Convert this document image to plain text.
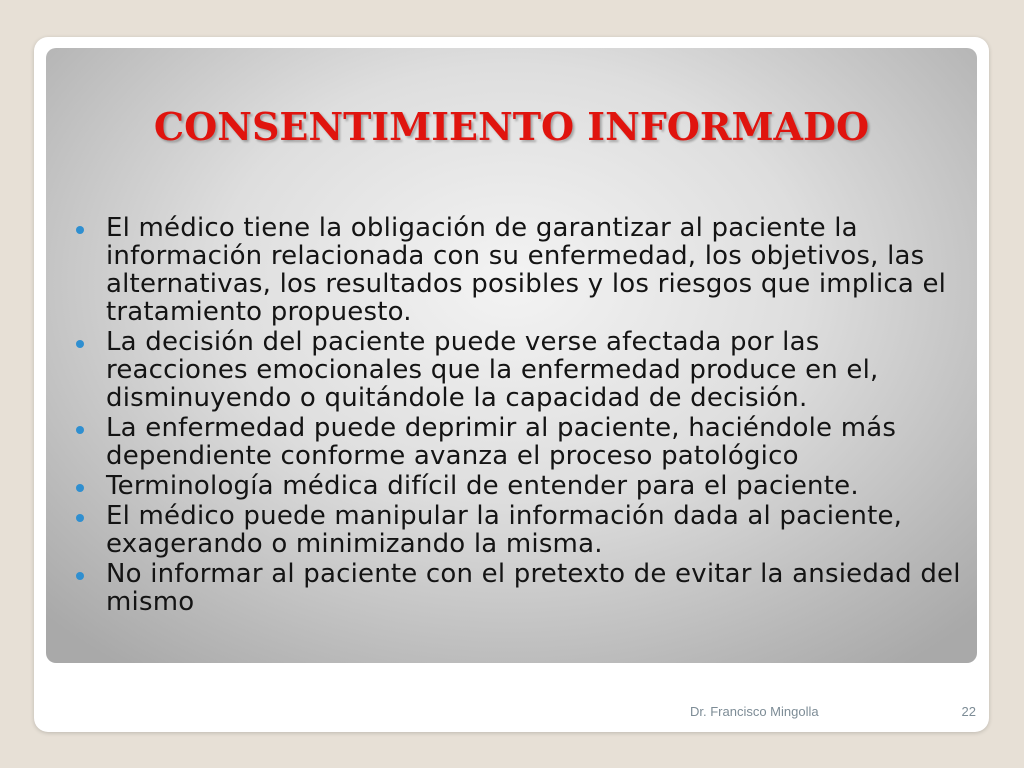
CONSENTIMIENTO INFORMADO
El médico tiene la obligación de garantizar al paciente la información relacionada con su enfermedad, los objetivos, las alternativas, los resultados posibles y los riesgos que implica el tratamiento propuesto.
La decisión del paciente puede verse afectada por las reacciones emocionales que la enfermedad produce en el, disminuyendo o quitándole la capacidad de decisión.
La enfermedad puede deprimir al paciente, haciéndole más dependiente conforme avanza el proceso patológico
Terminología médica difícil de entender para el paciente.
El médico puede manipular la información dada al paciente, exagerando o minimizando la misma.
No informar al paciente con el pretexto de evitar la ansiedad del mismo
Dr. Francisco Mingolla	22
